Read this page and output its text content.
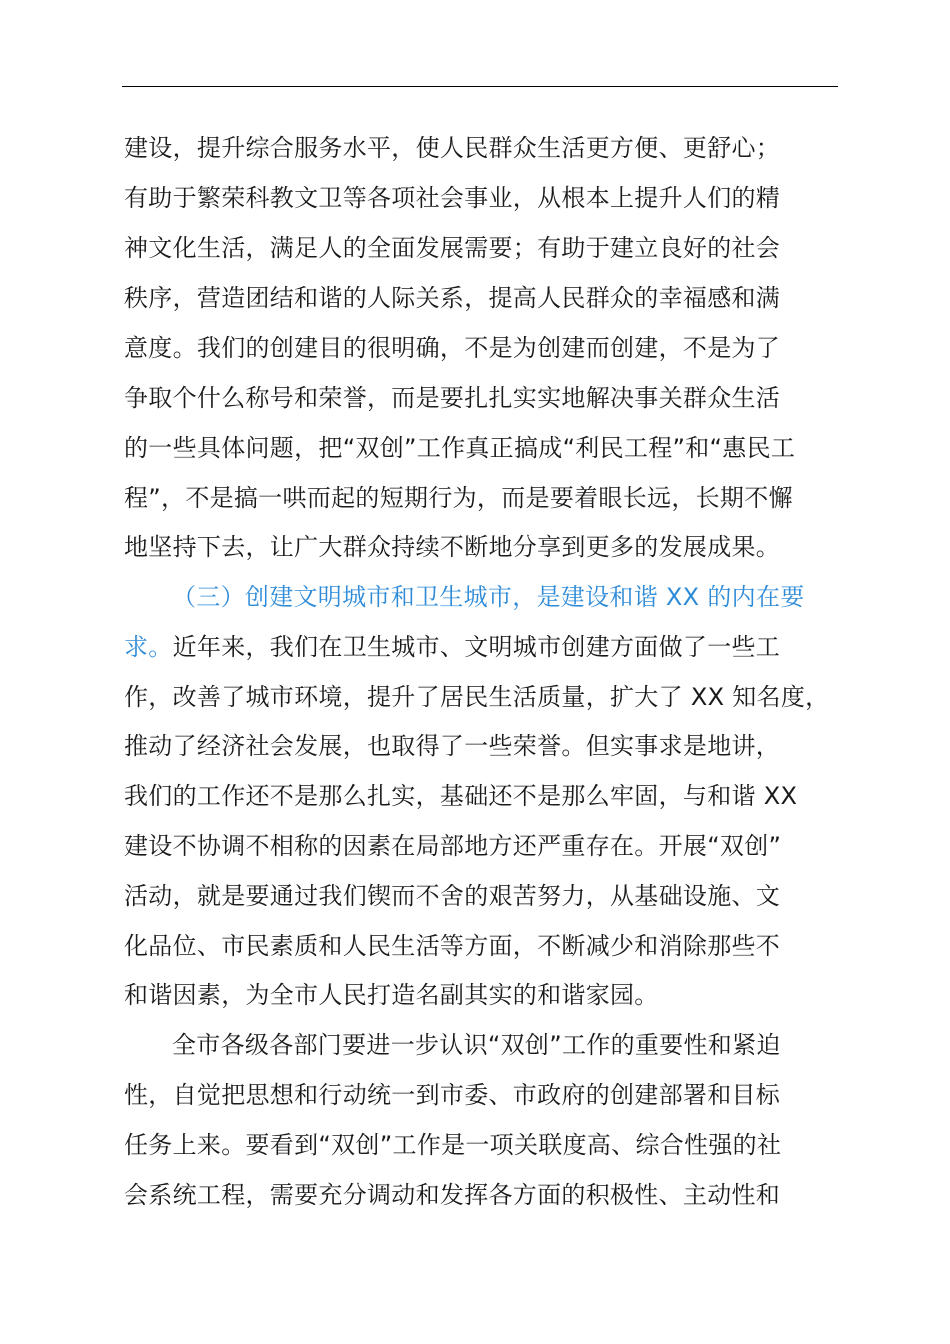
建设，提升综合服务水平，使人民群众生活更方便、更舒心；
有助于繁荣科教文卫等各项社会事业，从根本上提升人们的精
神文化生活，满足人的全面发展需要；有助于建立良好的社会
秩序，营造团结和谐的人际关系，提高人民群众的幸福感和满
意度。我们的创建目的很明确，不是为创建而创建，不是为了
争取个什么称号和荣誉，而是要扎扎实实地解决事关群众生活
的一些具体问题，把“双创”工作真正搞成“利民工程”和“惠民工
程”，不是搞一哄而起的短期行为，而是要着眼长远，长期不懈
地坚持下去，让广大群众持续不断地分享到更多的发展成果。
（三）创建文明城市和卫生城市，是建设和谐 XX 的内在要
求。近年来，我们在卫生城市、文明城市创建方面做了一些工
作，改善了城市环境，提升了居民生活质量，扩大了 XX 知名度，
推动了经济社会发展，也取得了一些荣誉。但实事求是地讲，
我们的工作还不是那么扎实，基础还不是那么牢固，与和谐 XX
建设不协调不相称的因素在局部地方还严重存在。开展“双创”
活动，就是要通过我们锲而不舍的艰苦努力，从基础设施、文
化品位、市民素质和人民生活等方面，不断减少和消除那些不
和谐因素，为全市人民打造名副其实的和谐家园。
全市各级各部门要进一步认识“双创”工作的重要性和紧迫
性，自觉把思想和行动统一到市委、市政府的创建部署和目标
任务上来。要看到“双创”工作是一项关联度高、综合性强的社
会系统工程，需要充分调动和发挥各方面的积极性、主动性和
